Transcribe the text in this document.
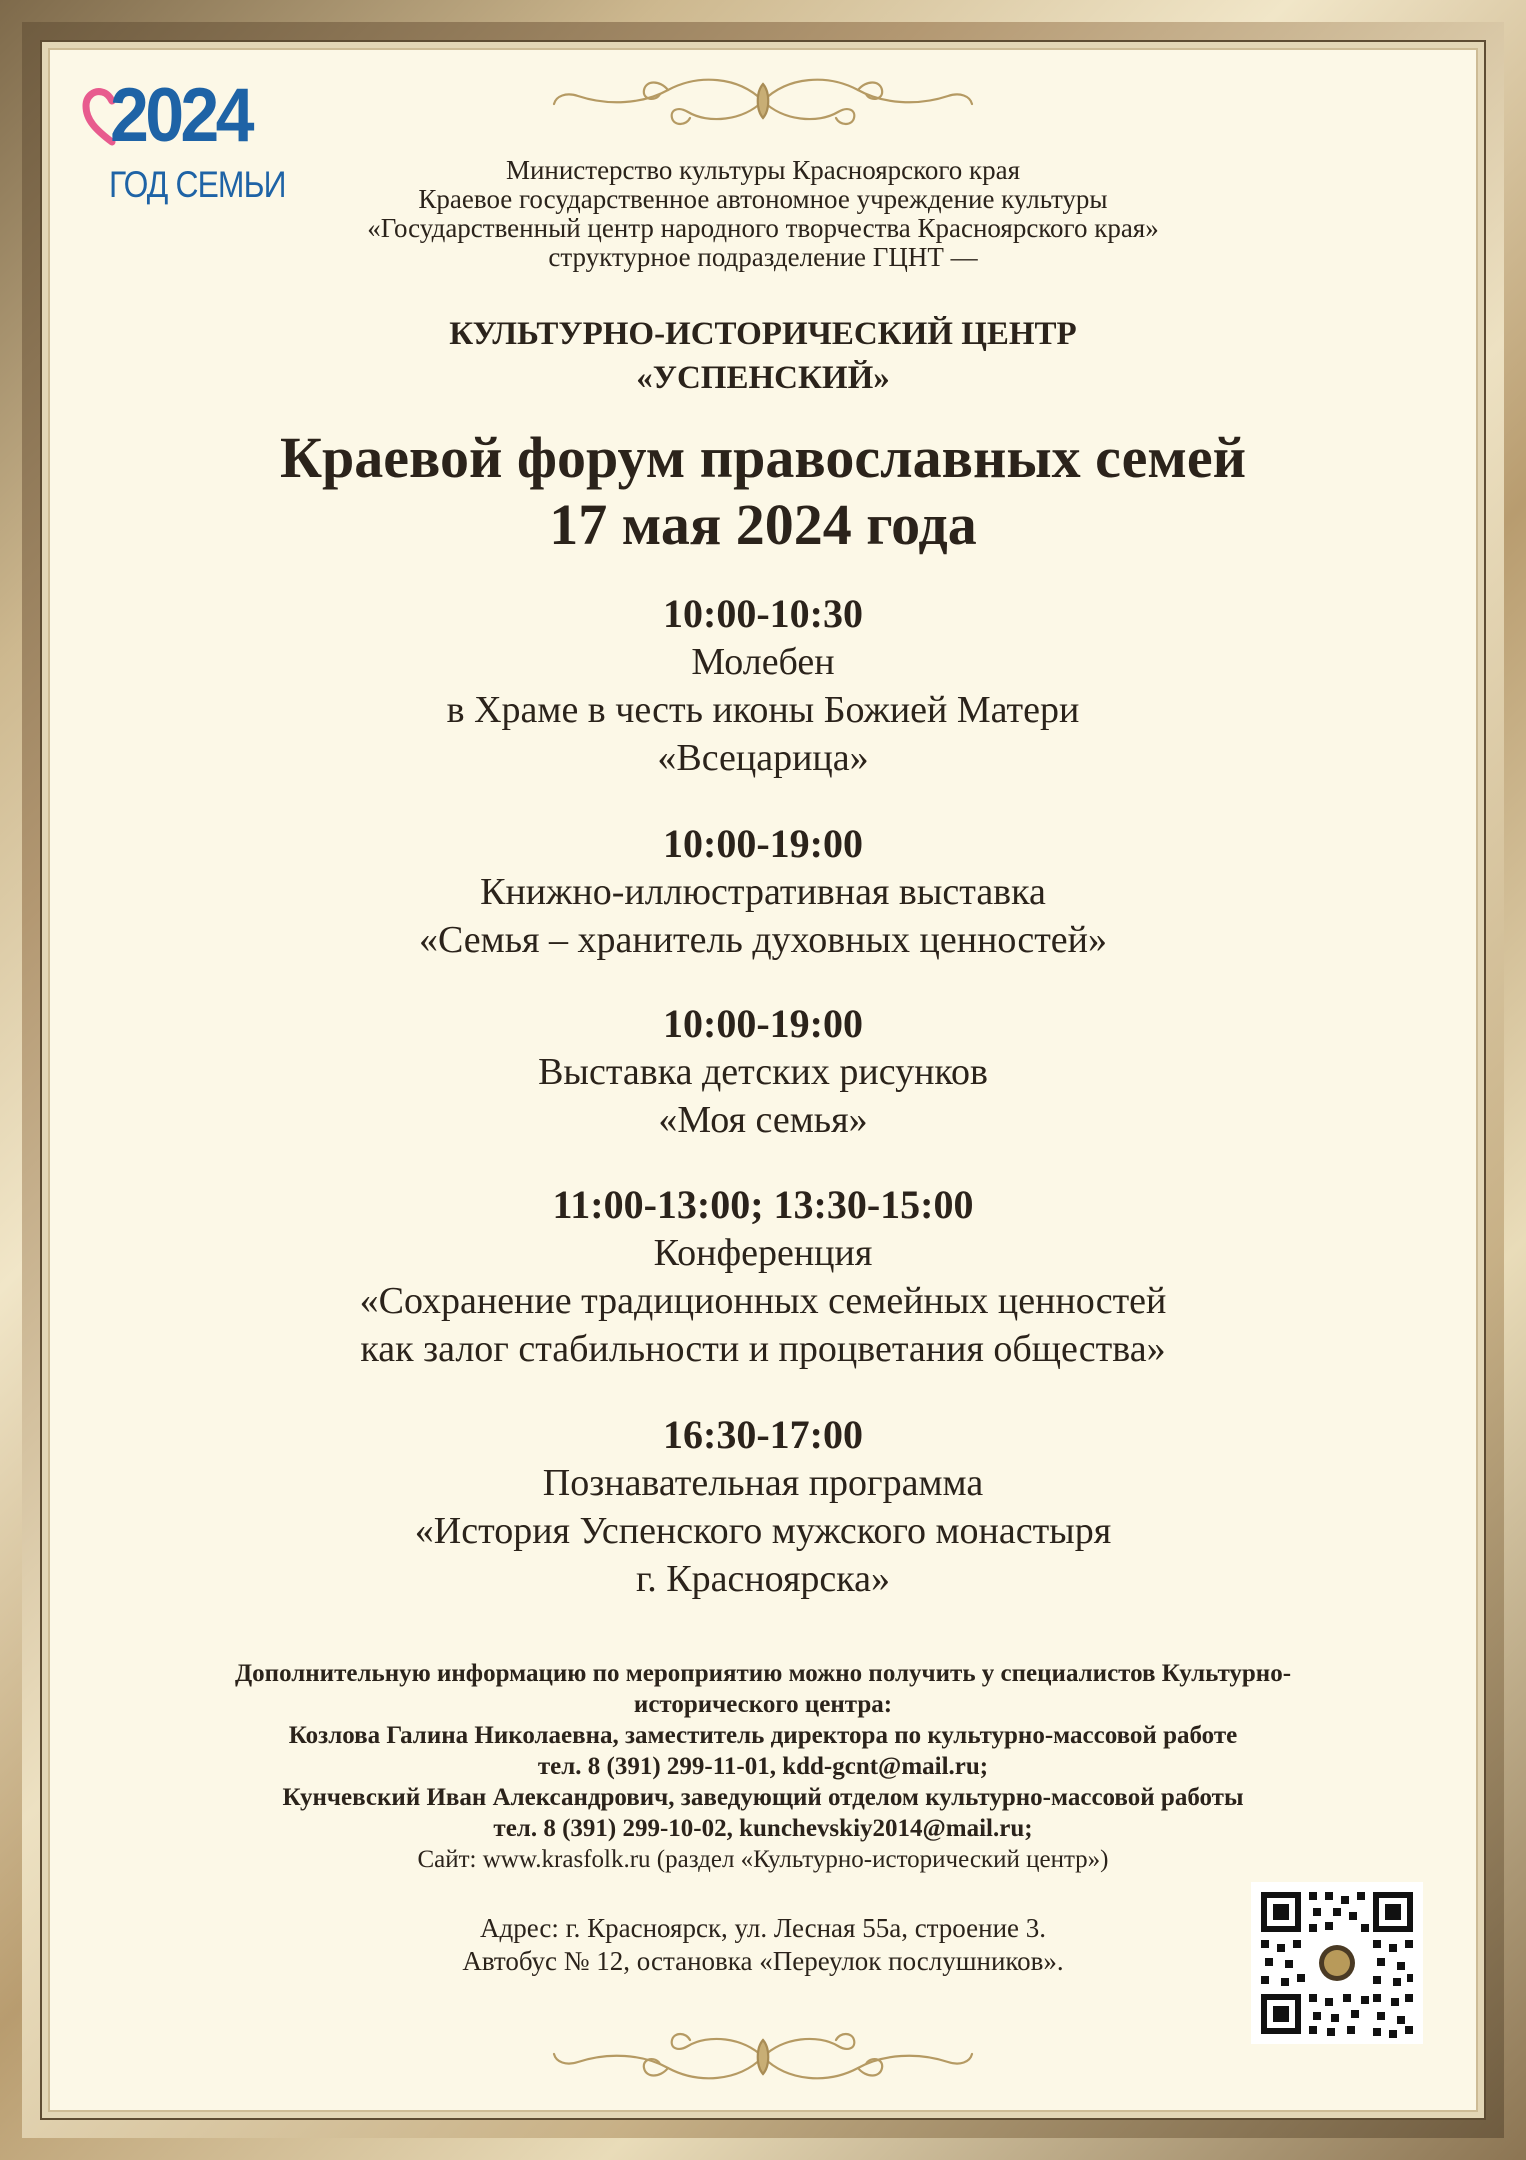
2024
ГОД СЕМЬИ	Министерство культуры Красноярского края
Краевое государственное автономное учреждение культуры
«Государственный центр народного творчества Красноярского края»
структурное подразделение ГЦНТ —
КУЛЬТУРНО-ИСТОРИЧЕСКИЙ ЦЕНТР
«УСПЕНСКИЙ»
Краевой форум православных семей
17 мая 2024 года
10:00-10:30
Молебен
в Храме в честь иконы Божией Матери
«Всецарица»
10:00-19:00
Книжно-иллюстративная выставка
«Семья – хранитель духовных ценностей»
10:00-19:00
Выставка детских рисунков
«Моя семья»
11:00-13:00; 13:30-15:00
Конференция
«Сохранение традиционных семейных ценностей
как залог стабильности и процветания общества»
16:30-17:00
Познавательная программа
«История Успенского мужского монастыря
г. Красноярска»
Дополнительную информацию по мероприятию можно получить у специалистов Культурно-
исторического центра:
Козлова Галина Николаевна, заместитель директора по культурно-массовой работе
тел. 8 (391) 299-11-01, kdd-gcnt@mail.ru;
Кунчевский Иван Александрович, заведующий отделом культурно-массовой работы
тел. 8 (391) 299-10-02, kunchevskiy2014@mail.ru;
Сайт: www.krasfolk.ru (раздел «Культурно-исторический центр»)
Адрес: г. Красноярск, ул. Лесная 55а, строение 3.
Автобус № 12, остановка «Переулок послушников».
